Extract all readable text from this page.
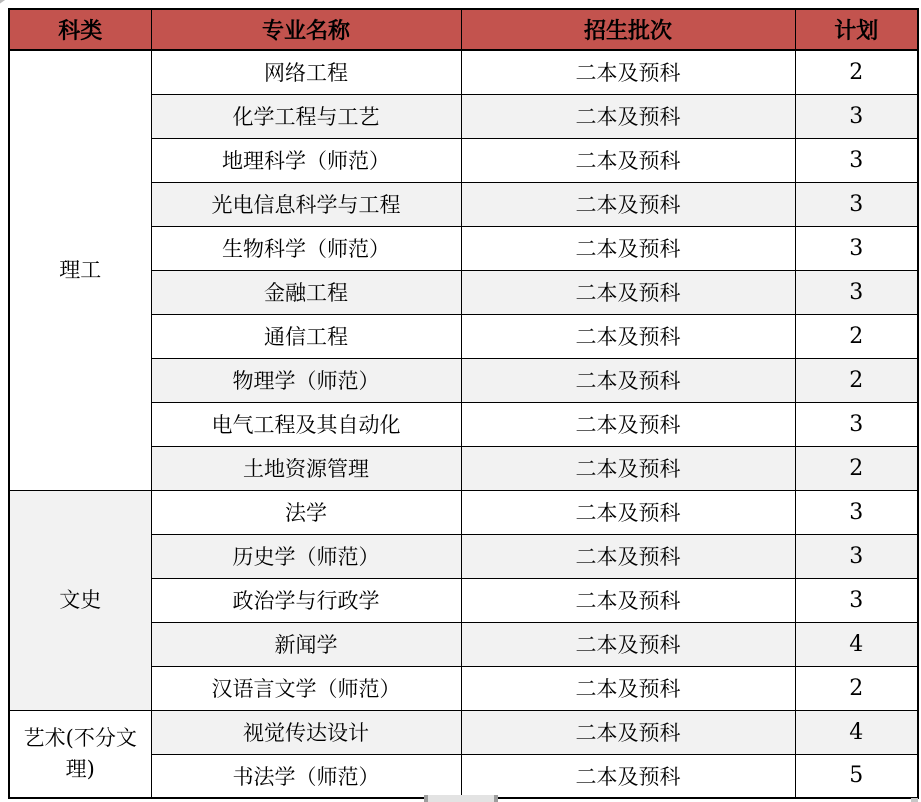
科类	专业名称	招生批次	计划
理工	网络工程	二本及预科	2
	化学工程与工艺	二本及预科	3
	地理科学（师范）	二本及预科	3
	光电信息科学与工程	二本及预科	3
	生物科学（师范）	二本及预科	3
	金融工程	二本及预科	3
	通信工程	二本及预科	2
	物理学（师范）	二本及预科	2
	电气工程及其自动化	二本及预科	3
	土地资源管理	二本及预科	2
文史	法学	二本及预科	3
	历史学（师范）	二本及预科	3
	政治学与行政学	二本及预科	3
	新闻学	二本及预科	4
	汉语言文学（师范）	二本及预科	2
艺术(不分文理)	视觉传达设计	二本及预科	4
	书法学（师范）	二本及预科	5
